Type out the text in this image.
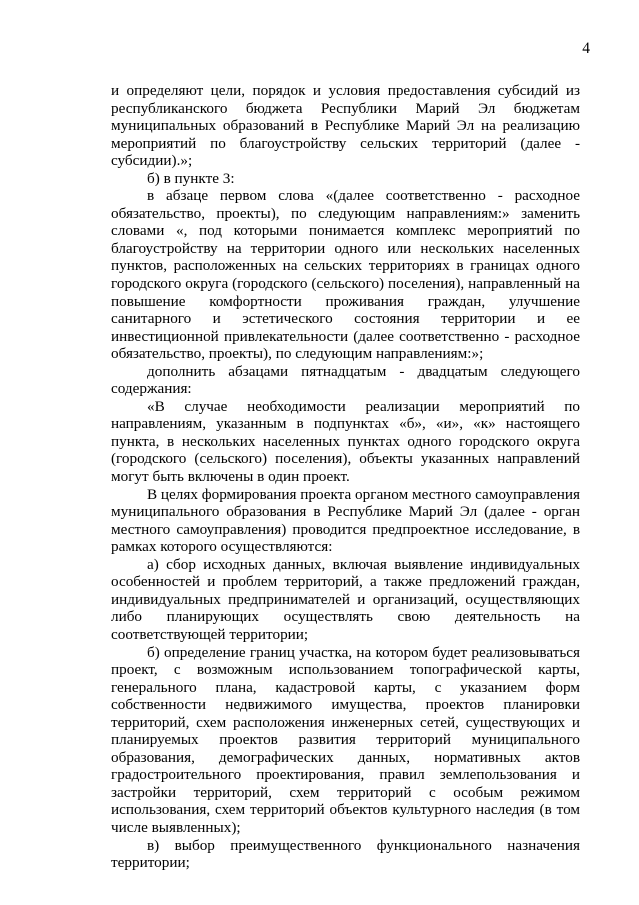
4

и определяют цели, порядок и условия предоставления субсидий из республиканского бюджета Республики Марий Эл бюджетам муниципальных образований в Республике Марий Эл на реализацию мероприятий по благоустройству сельских территорий (далее - субсидии).»;

б) в пункте 3:

в абзаце первом слова «(далее соответственно - расходное обязательство, проекты), по следующим направлениям:» заменить словами «, под которыми понимается комплекс мероприятий по благоустройству на территории одного или нескольких населенных пунктов, расположенных на сельских территориях в границах одного городского округа (городского (сельского) поселения), направленный на повышение комфортности проживания граждан, улучшение санитарного и эстетического состояния территории и ее инвестиционной привлекательности (далее соответственно - расходное обязательство, проекты), по следующим направлениям:»;

дополнить абзацами пятнадцатым - двадцатым следующего содержания:

«В случае необходимости реализации мероприятий по направлениям, указанным в подпунктах «б», «и», «к» настоящего пункта, в нескольких населенных пунктах одного городского округа (городского (сельского) поселения), объекты указанных направлений могут быть включены в один проект.

В целях формирования проекта органом местного самоуправления муниципального образования в Республике Марий Эл (далее - орган местного самоуправления) проводится предпроектное исследование, в рамках которого осуществляются:

а) сбор исходных данных, включая выявление индивидуальных особенностей и проблем территорий, а также предложений граждан, индивидуальных предпринимателей и организаций, осуществляющих либо планирующих осуществлять свою деятельность на соответствующей территории;

б) определение границ участка, на котором будет реализовываться проект, с возможным использованием топографической карты, генерального плана, кадастровой карты, с указанием форм собственности недвижимого имущества, проектов планировки территорий, схем расположения инженерных сетей, существующих и планируемых проектов развития территорий муниципального образования, демографических данных, нормативных актов градостроительного проектирования, правил землепользования и застройки территорий, схем территорий с особым режимом использования, схем территорий объектов культурного наследия (в том числе выявленных);

в) выбор преимущественного функционального назначения территории;
